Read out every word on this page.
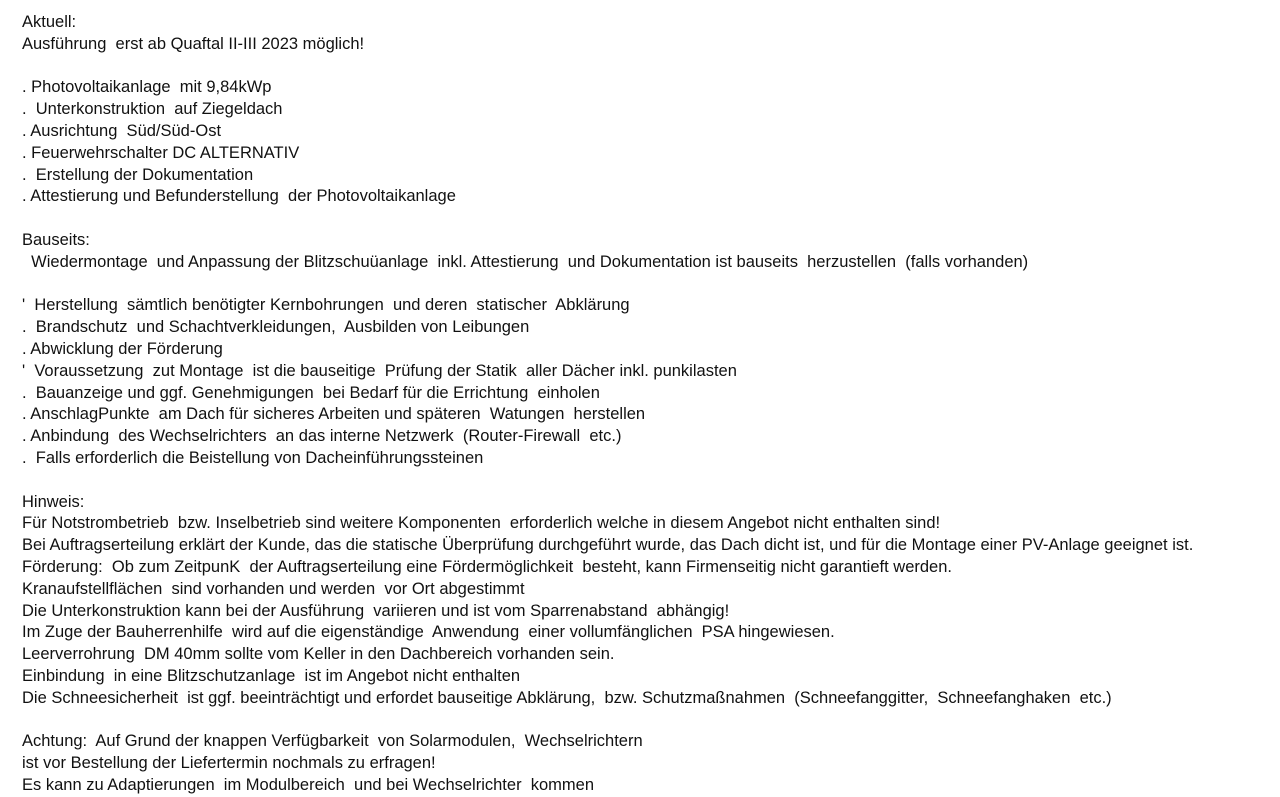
Aktuell:
Ausführung  erst ab Quaftal II-III 2023 möglich!
. Photovoltaikanlage  mit 9,84kWp
.  Unterkonstruktion  auf Ziegeldach
. Ausrichtung  Süd/Süd-Ost
. Feuerwehrschalter DC ALTERNATIV
.  Erstellung der Dokumentation
. Attestierung und Befunderstellung  der Photovoltaikanlage
Bauseits:
Wiedermontage  und Anpassung der Blitzschuüanlage  inkl. Attestierung  und Dokumentation ist bauseits  herzustellen  (falls vorhanden)
'  Herstellung  sämtlich benötigter Kernbohrungen  und deren  statischer  Abklärung
.  Brandschutz  und Schachtverkleidungen,  Ausbilden von Leibungen
. Abwicklung der Förderung
'  Voraussetzung  zut Montage  ist die bauseitige  Prüfung der Statik  aller Dächer inkl. punkilasten
.  Bauanzeige und ggf. Genehmigungen  bei Bedarf für die Errichtung  einholen
. AnschlagPunkte  am Dach für sicheres Arbeiten und späteren  Watungen  herstellen
. Anbindung  des Wechselrichters  an das interne Netzwerk  (Router-Firewall  etc.)
.  Falls erforderlich die Beistellung von Dacheinführungssteinen
Hinweis:
Für Notstrombetrieb  bzw. Inselbetrieb sind weitere Komponenten  erforderlich welche in diesem Angebot nicht enthalten sind!
Bei Auftragserteilung erklärt der Kunde, das die statische Überprüfung durchgeführt wurde, das Dach dicht ist, und für die Montage einer PV-Anlage geeignet ist.
Förderung:  Ob zum ZeitpunK  der Auftragserteilung eine Fördermöglichkeit  besteht, kann Firmenseitig nicht garantieft werden.
Kranaufstellflächen  sind vorhanden und werden  vor Ort abgestimmt
Die Unterkonstruktion kann bei der Ausführung  variieren und ist vom Sparrenabstand  abhängig!
Im Zuge der Bauherrenhilfe  wird auf die eigenständige  Anwendung  einer vollumfänglichen  PSA hingewiesen.
Leerverrohrung  DM 40mm sollte vom Keller in den Dachbereich vorhanden sein.
Einbindung  in eine Blitzschutzanlage  ist im Angebot nicht enthalten
Die Schneesicherheit  ist ggf. beeinträchtigt und erfordet bauseitige Abklärung,  bzw. Schutzmaßnahmen  (Schneefanggitter,  Schneefanghaken  etc.)
Achtung:  Auf Grund der knappen Verfügbarkeit  von Solarmodulen,  Wechselrichtern
ist vor Bestellung der Liefertermin nochmals zu erfragen!
Es kann zu Adaptierungen  im Modulbereich  und bei Wechselrichter  kommen
